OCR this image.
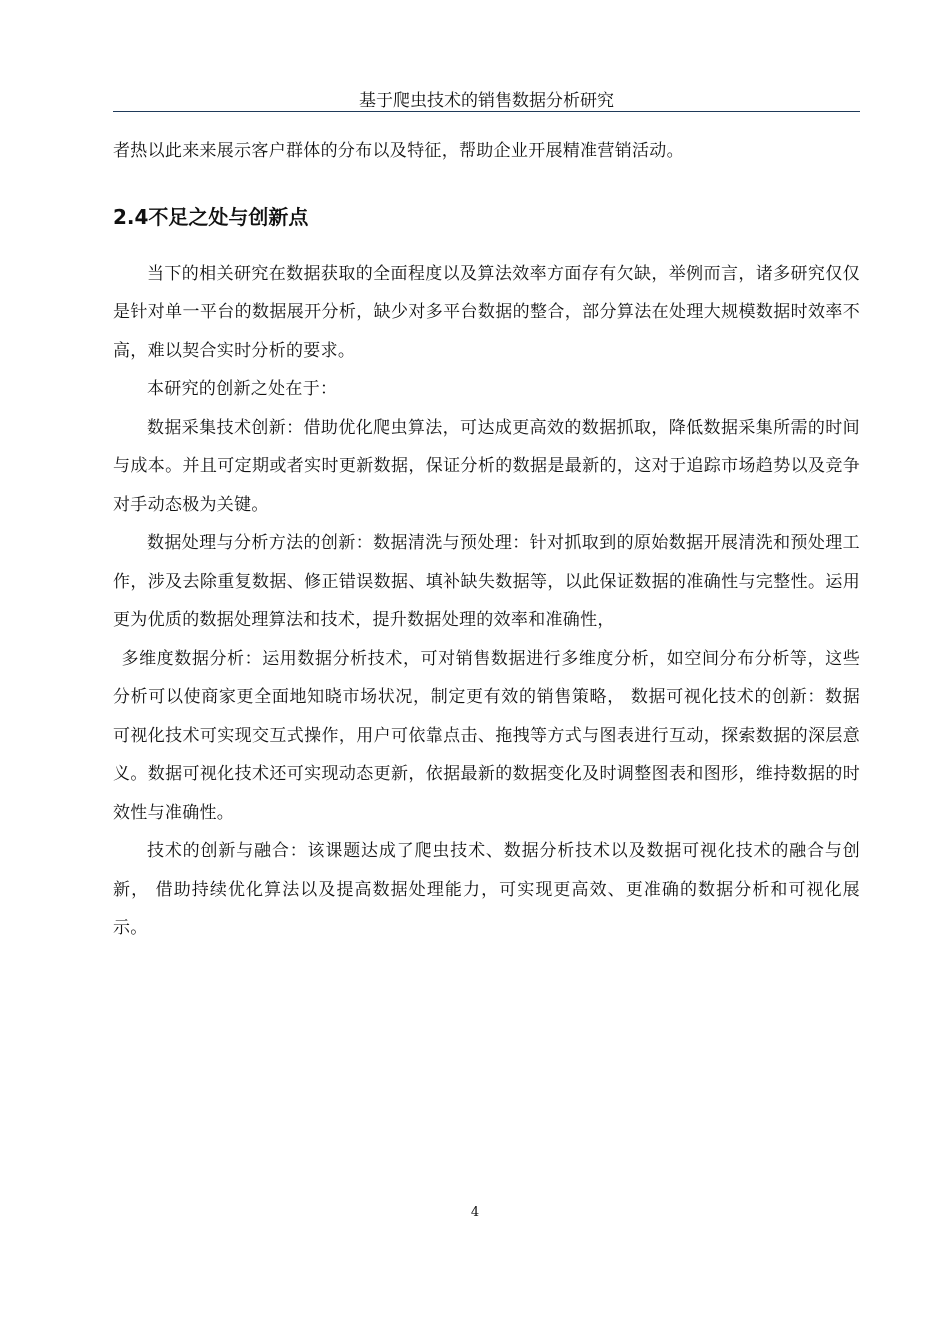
基于爬虫技术的销售数据分析研究

者热以此来来展示客户群体的分布以及特征，帮助企业开展精准营销活动。

2.4不足之处与创新点

当下的相关研究在数据获取的全面程度以及算法效率方面存有欠缺，举例而言，诸多研究仅仅是针对单一平台的数据展开分析，缺少对多平台数据的整合，部分算法在处理大规模数据时效率不高，难以契合实时分析的要求。

本研究的创新之处在于：

数据采集技术创新：借助优化爬虫算法，可达成更高效的数据抓取，降低数据采集所需的时间与成本。并且可定期或者实时更新数据，保证分析的数据是最新的，这对于追踪市场趋势以及竞争对手动态极为关键。

数据处理与分析方法的创新：数据清洗与预处理：针对抓取到的原始数据开展清洗和预处理工作，涉及去除重复数据、修正错误数据、填补缺失数据等，以此保证数据的准确性与完整性。运用更为优质的数据处理算法和技术，提升数据处理的效率和准确性，

多维度数据分析：运用数据分析技术，可对销售数据进行多维度分析，如空间分布分析等，这些分析可以使商家更全面地知晓市场状况，制定更有效的销售策略， 数据可视化技术的创新：数据可视化技术可实现交互式操作，用户可依靠点击、拖拽等方式与图表进行互动，探索数据的深层意义。数据可视化技术还可实现动态更新，依据最新的数据变化及时调整图表和图形，维持数据的时效性与准确性。

技术的创新与融合：该课题达成了爬虫技术、数据分析技术以及数据可视化技术的融合与创新， 借助持续优化算法以及提高数据处理能力，可实现更高效、更准确的数据分析和可视化展示。

4
